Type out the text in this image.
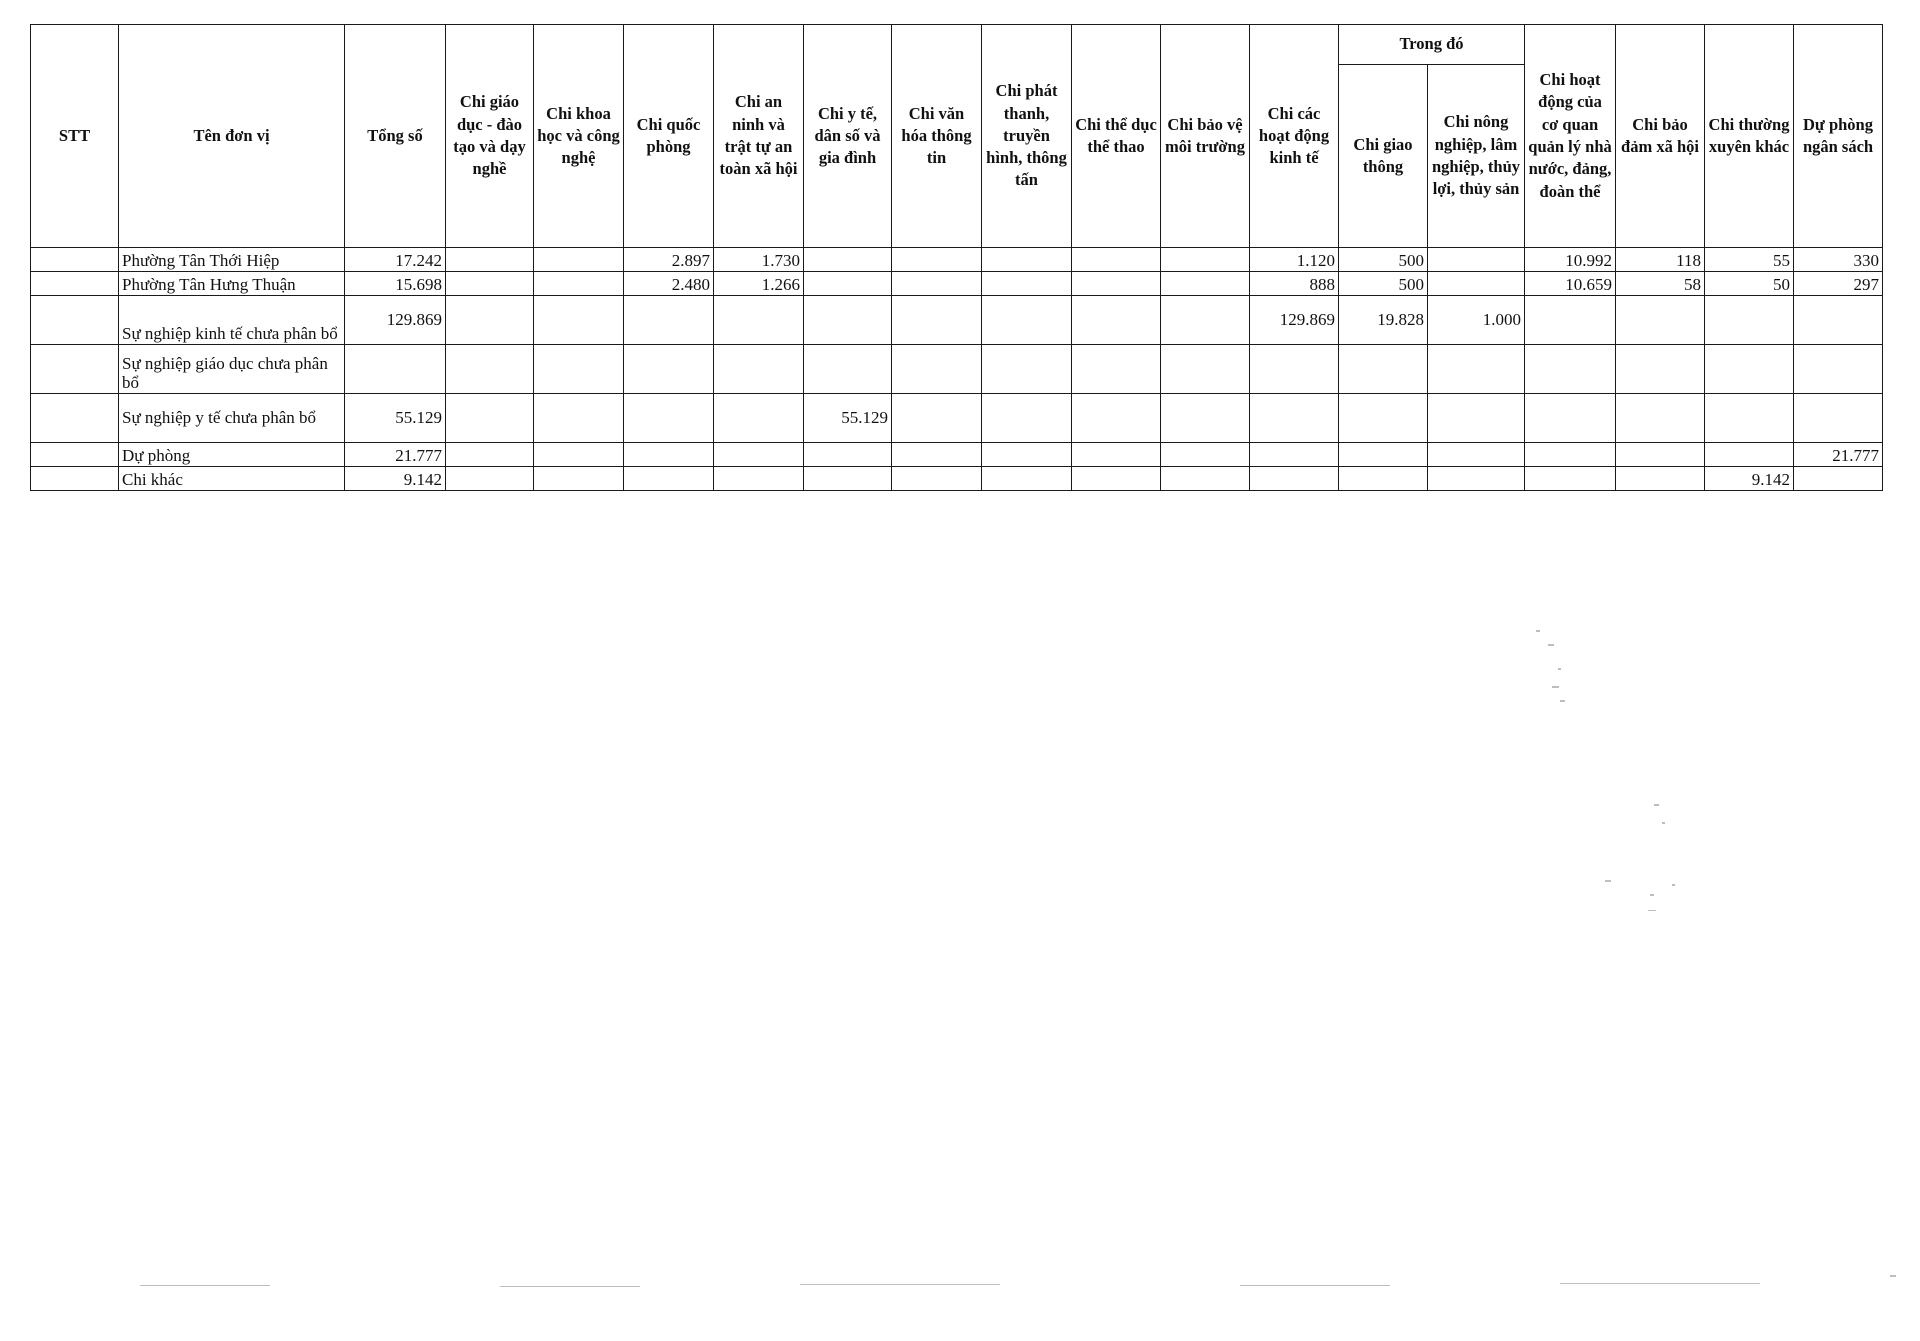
STT	Tên đơn vị	Tổng số	Chi giáo dục - đào tạo và dạy nghề	Chi khoa học và công nghệ	Chi quốc phòng	Chi an ninh và trật tự an toàn xã hội	Chi y tế, dân số và gia đình	Chi văn hóa thông tin	Chi phát thanh, truyền hình, thông tấn	Chi thể dục thể thao	Chi bảo vệ môi trường	Chi các hoạt động kinh tế	Trong đó		Chi hoạt động của cơ quan quản lý nhà nước, đảng, đoàn thể	Chi bảo đảm xã hội	Chi thường xuyên khác	Dự phòng ngân sách
													Chi giao thông	Chi nông nghiệp, lâm nghiệp, thủy lợi, thủy sản				
	Phường Tân Thới Hiệp	17.242			2.897	1.730						1.120	500		10.992	118	55	330
	Phường Tân Hưng Thuận	15.698			2.480	1.266						888	500		10.659	58	50	297
	Sự nghiệp kinh tế chưa phân bổ	129.869										129.869	19.828	1.000				
	Sự nghiệp giáo dục chưa phân bổ																	
	Sự nghiệp y tế chưa phân bổ	55.129					55.129											
	Dự phòng	21.777																21.777
	Chi khác	9.142															9.142	
